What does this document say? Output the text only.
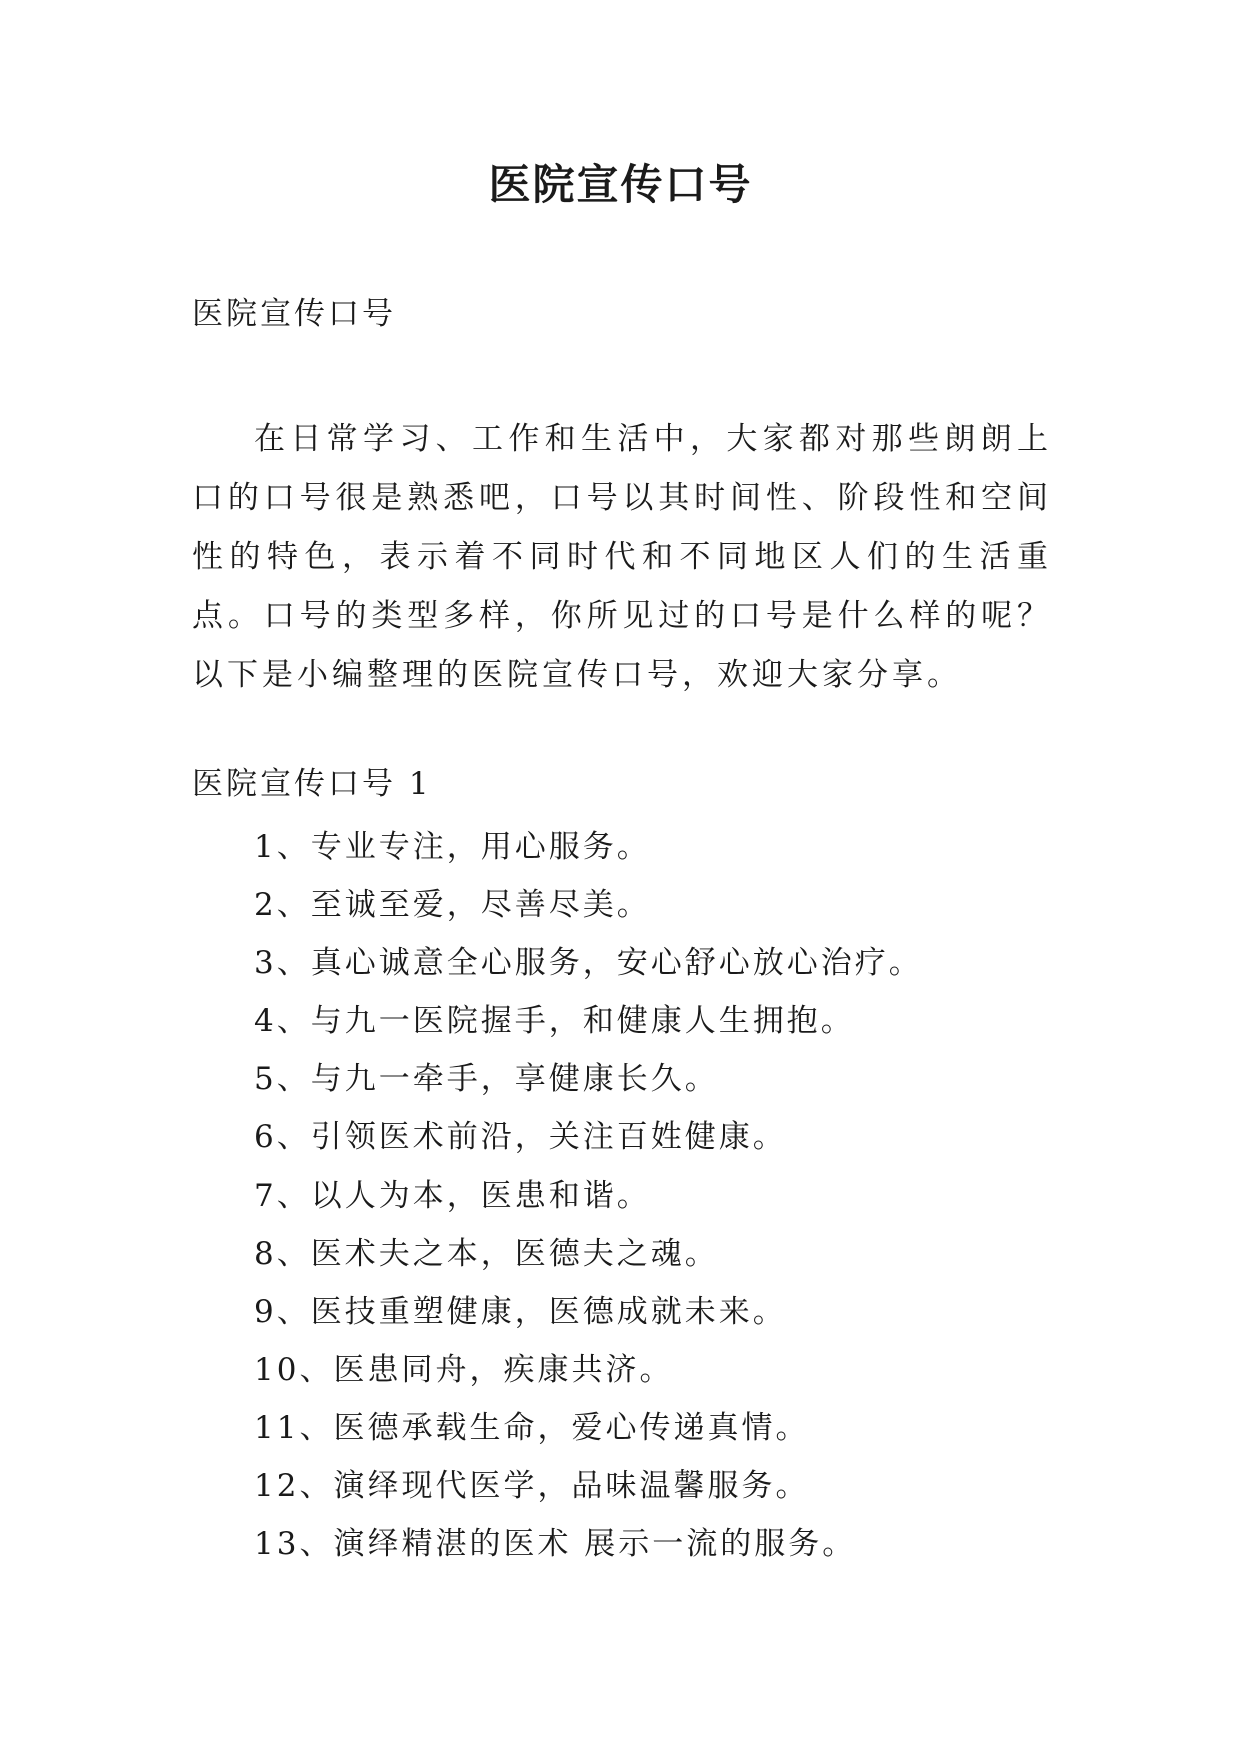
医院宣传口号

医院宣传口号

在日常学习、工作和生活中，大家都对那些朗朗上口的口号很是熟悉吧，口号以其时间性、阶段性和空间性的特色，表示着不同时代和不同地区人们的生活重点。口号的类型多样，你所见过的口号是什么样的呢？以下是小编整理的医院宣传口号，欢迎大家分享。

医院宣传口号 1

1、专业专注，用心服务。
2、至诚至爱，尽善尽美。
3、真心诚意全心服务，安心舒心放心治疗。
4、与九一医院握手，和健康人生拥抱。
5、与九一牵手，享健康长久。
6、引领医术前沿，关注百姓健康。
7、以人为本，医患和谐。
8、医术夫之本，医德夫之魂。
9、医技重塑健康，医德成就未来。
10、医患同舟，疾康共济。
11、医德承载生命，爱心传递真情。
12、演绎现代医学，品味温馨服务。
13、演绎精湛的医术 展示一流的服务。
